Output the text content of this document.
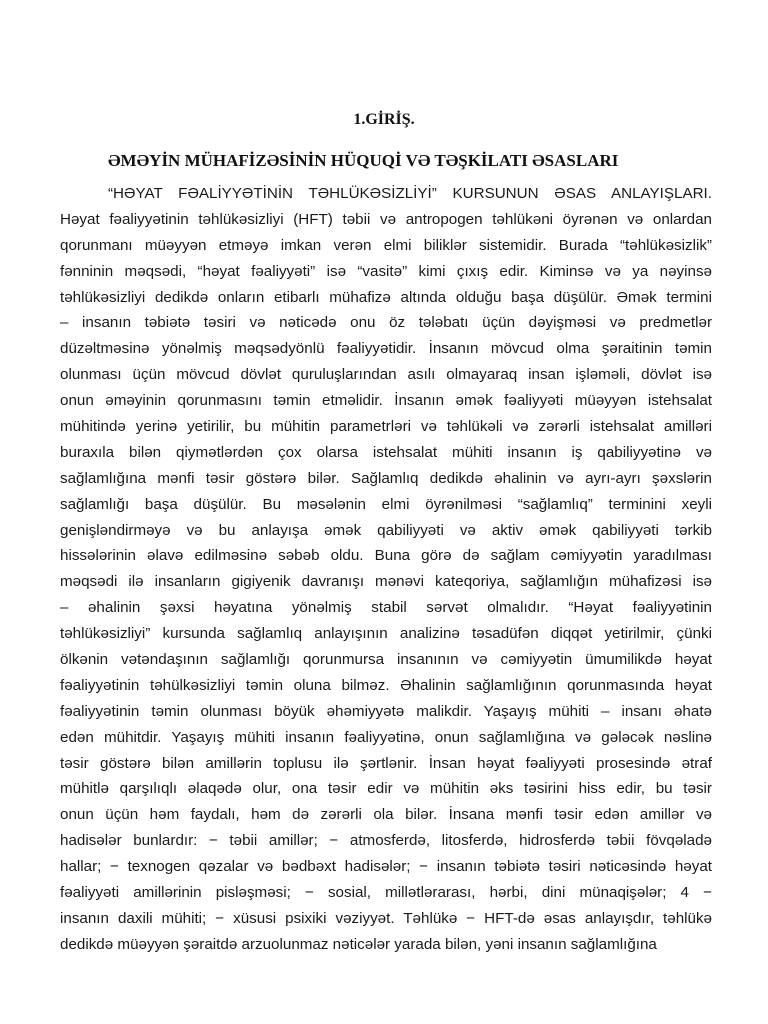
1.GİRİŞ.
ƏMƏYİN MÜHAFİZƏSİNİN HÜQUQİ VƏ TƏŞKİLATI ƏSASLARI
“HƏYAT FƏALİYYƏTİNİN TƏHLÜKƏSİZLİYİ” KURSUNUN ƏSAS ANLAYIŞLARI.
Həyat fəaliyyətinin təhlükəsizliyi (HFT) təbii və antropogen təhlükəni öyrənən və onlardan
qorunmanı müəyyən etməyə imkan verən elmi biliklər sistemidir. Burada “təhlükəsizlik”
fənninin məqsədi, “həyat fəaliyyəti” isə “vasitə” kimi çıxış edir. Kiminsə və ya nəyinsə
təhlükəsizliyi dedikdə onların etibarlı mühafizə altında olduğu başa düşülür. Əmək termini
– insanın təbiətə təsiri və nəticədə onu öz tələbatı üçün dəyişməsi və predmetlər
düzəltməsinə yönəlmiş məqsədyönlü fəaliyyətidir. İnsanın mövcud olma şəraitinin təmin
olunması üçün mövcud dövlət quruluşlarından asılı olmayaraq insan işləməli, dövlət isə
onun əməyinin qorunmasını təmin etməlidir. İnsanın əmək fəaliyyəti müəyyən istehsalat
mühitində yerinə yetirilir, bu mühitin parametrləri və təhlükəli və zərərli istehsalat amilləri
buraxıla bilən qiymətlərdən çox olarsa istehsalat mühiti insanın iş qabiliyyətinə və
sağlamlığına mənfi təsir göstərə bilər. Sağlamlıq dedikdə əhalinin və ayrı-ayrı şəxslərin
sağlamlığı başa düşülür. Bu məsələnin elmi öyrənilməsi “sağlamlıq” terminini xeyli
genişləndirməyə və bu anlayışa əmək qabiliyyəti və aktiv əmək qabiliyyəti tərkib
hissələrinin əlavə edilməsinə səbəb oldu. Buna görə də sağlam cəmiyyətin yaradılması
məqsədi ilə insanların gigiyenik davranışı mənəvi kateqoriya, sağlamlığın mühafizəsi isə
– əhalinin şəxsi həyatına yönəlmiş stabil sərvət olmalıdır. “Həyat fəaliyyətinin
təhlükəsizliyi” kursunda sağlamlıq anlayışının analizinə təsadüfən diqqət yetirilmir, çünki
ölkənin vətəndaşının sağlamlığı qorunmursa insanının və cəmiyyətin ümumilikdə həyat
fəaliyyətinin təhülkəsizliyi təmin oluna bilməz. Əhalinin sağlamlığının qorunmasında həyat
fəaliyyətinin təmin olunması böyük əhəmiyyətə malikdir. Yaşayış mühiti – insanı əhatə
edən mühitdir. Yaşayış mühiti insanın fəaliyyətinə, onun sağlamlığına və gələcək nəslinə
təsir göstərə bilən amillərin toplusu ilə şərtlənir. İnsan həyat fəaliyyəti prosesində ətraf
mühitlə qarşılıqlı əlaqədə olur, ona təsir edir və mühitin əks təsirini hiss edir, bu təsir
onun üçün həm faydalı, həm də zərərli ola bilər. İnsana mənfi təsir edən amillər və
hadisələr bunlardır: − təbii amillər; − atmosferdə, litosferdə, hidrosferdə təbii fövqəladə
hallar; − texnogen qəzalar və bədbəxt hadisələr; − insanın təbiətə təsiri nəticəsində həyat
fəaliyyəti amillərinin pisləşməsi; − sosial, millətlərarası, hərbi, dini münaqişələr; 4 −
insanın daxili mühiti; − xüsusi psixiki vəziyyət. Təhlükə − HFT-də əsas anlayışdır, təhlükə
dedikdə müəyyən şəraitdə arzuolunmaz nəticələr yarada bilən, yəni insanın sağlamlığına
